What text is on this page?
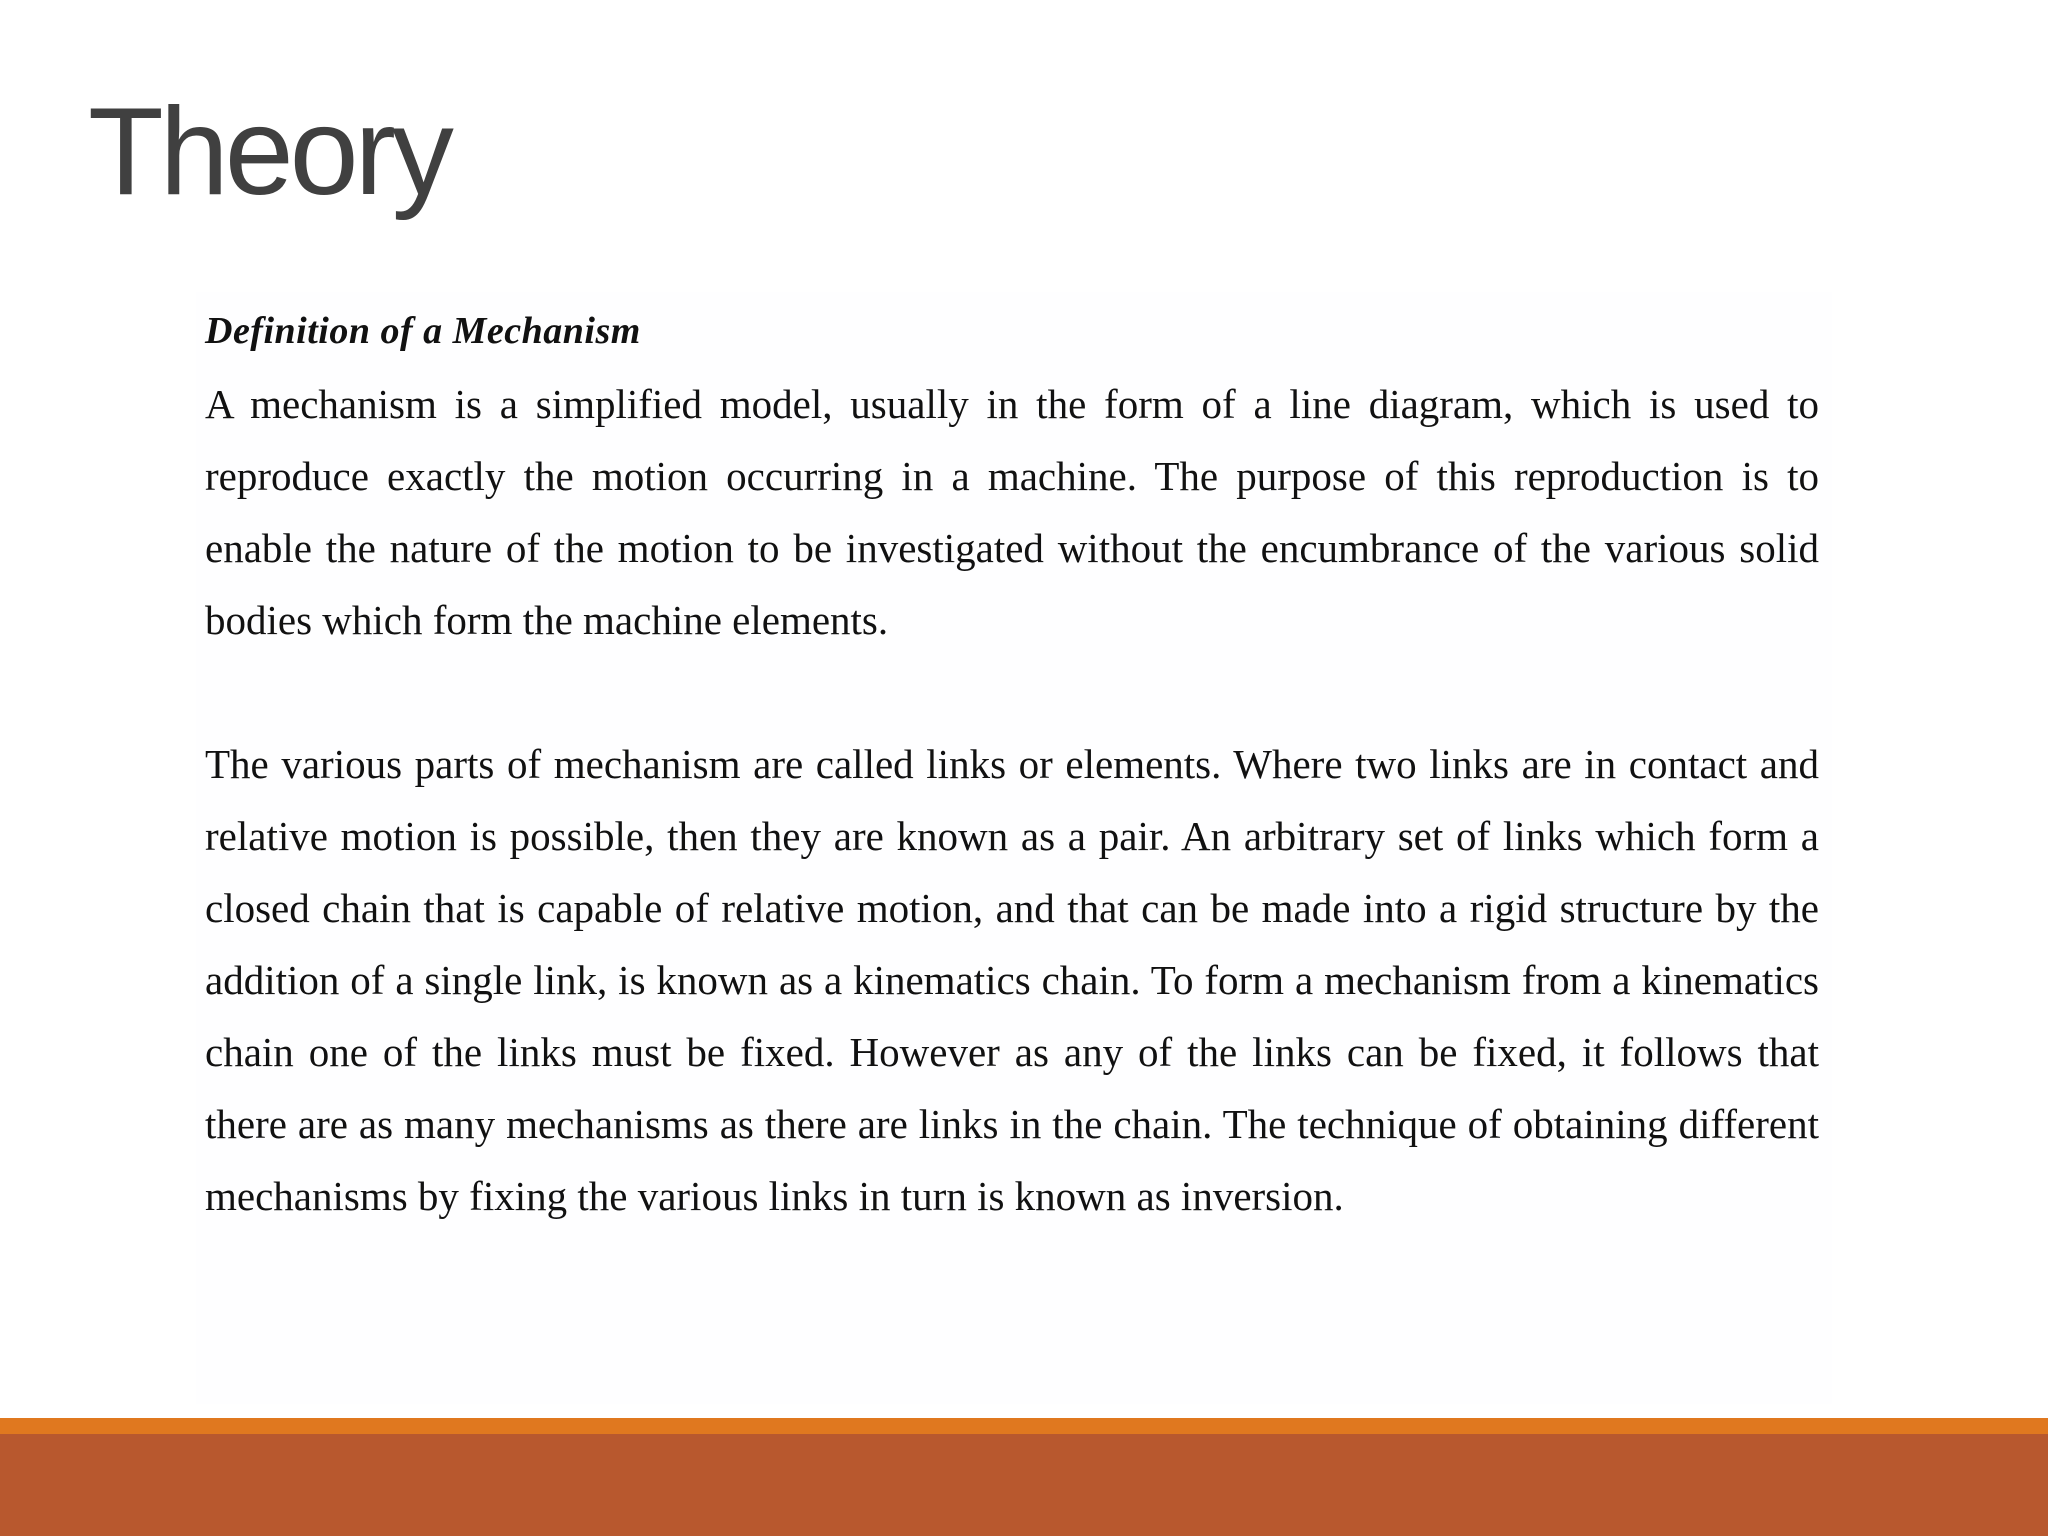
Theory
Definition of a Mechanism

A mechanism is a simplified model, usually in the form of a line diagram, which is used to reproduce exactly the motion occurring in a machine. The purpose of this reproduction is to enable the nature of the motion to be investigated without the encumbrance of the various solid bodies which form the machine elements.

The various parts of mechanism are called links or elements. Where two links are in contact and relative motion is possible, then they are known as a pair. An arbitrary set of links which form a closed chain that is capable of relative motion, and that can be made into a rigid structure by the addition of a single link, is known as a kinematics chain. To form a mechanism from a kinematics chain one of the links must be fixed. However as any of the links can be fixed, it follows that there are as many mechanisms as there are links in the chain. The technique of obtaining different mechanisms by fixing the various links in turn is known as inversion.
